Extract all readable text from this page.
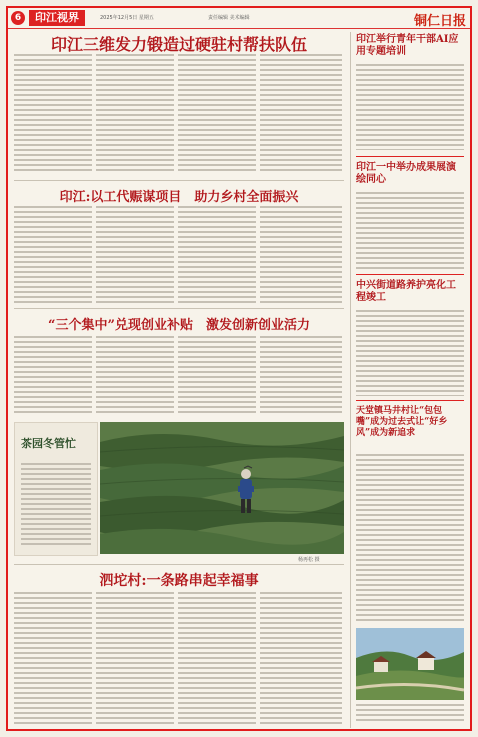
6	印江视界	2025年12月5日 星期五	责任编辑 美术编辑	铜仁日报
印江三维发力锻造过硬驻村帮扶队伍
印江:以工代赈谋项目　助力乡村全面振兴
“三个集中”兑现创业补贴　激发创新创业活力
茶园冬管忙
杨再松 摄
泗坨村:一条路串起幸福事
印江举行青年干部AI应用专题培训
印江一中举办成果展演绘同心
中兴街道路养护亮化工程竣工
天堂镇马井村让“包包嘴”成为过去式让“好乡风”成为新追求
